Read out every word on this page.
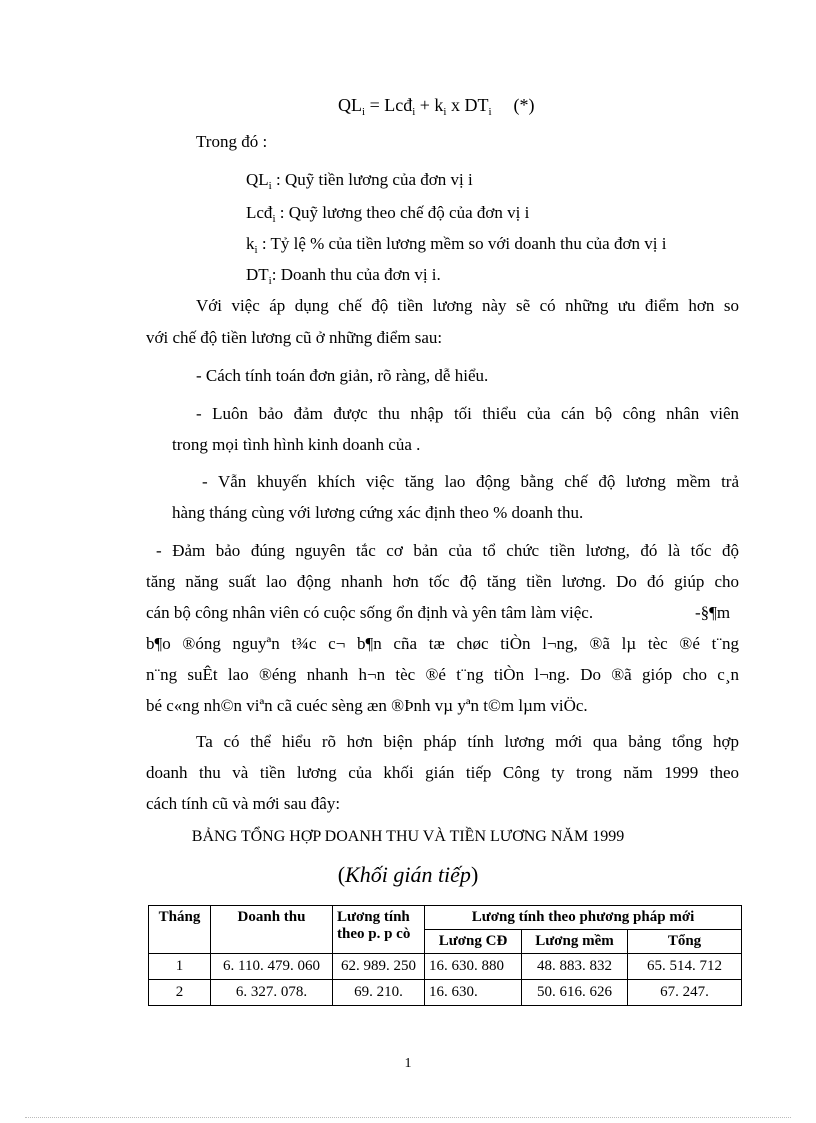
$QL_i$ = Lcđ$_i$ + $k_i$ x $DT_i$ (*)
Trong đó :
$QL_i$ : Quỹ tiền lương của đơn vị i
Lcđ$_i$ : Quỹ lương theo chế độ của đơn vị i
$k_i$ : Tỷ lệ % của tiền lương mềm so với doanh thu của đơn vị i
$DT_i$: Doanh thu của đơn vị i.
Với việc áp dụng chế độ tiền lương này sẽ có những ưu điểm hơn so
với chế độ tiền lương cũ ở những điểm sau:
- Cách tính toán đơn giản, rõ ràng, dễ hiểu.
- Luôn bảo đảm được thu nhập tối thiểu của cán bộ công nhân viên
trong mọi tình hình kinh doanh của .
- Vẫn khuyến khích việc tăng lao động bằng chế độ lương mềm trả
hàng tháng cùng với lương cứng xác định theo % doanh thu.
- Đảm bảo đúng nguyên tắc cơ bản của tổ chức tiền lương, đó là tốc độ
tăng năng suất lao động nhanh hơn tốc độ tăng tiền lương. Do đó giúp cho
cán bộ công nhân viên có cuộc sống ổn định và yên tâm làm việc.	-§¶m
b¶o ®óng nguyªn t¾c c¬ b¶n cña tæ chøc tiÒn l¬ng, ®ã lµ tèc ®é t¨ng
n¨ng suÊt lao ®éng nhanh h¬n tèc ®é t¨ng tiÒn l¬ng. Do ®ã gióp cho c¸n
bé c«ng nh©n viªn cã cuéc sèng æn ®Þnh vµ yªn t©m lµm viÖc.
Ta có thể hiểu rõ hơn biện pháp tính lương mới qua bảng tổng hợp
doanh thu và tiền lương của khối gián tiếp Công ty trong năm 1999 theo
cách tính cũ và mới sau đây:
BẢNG TỔNG HỢP DOANH THU VÀ TIỀN LƯƠNG NĂM 1999
(Khối gián tiếp)
Tháng	Doanh thu	Lương tính theo p. p cò	Lương tính theo phương pháp mới		
			Lương CĐ	Lương mềm	Tổng
1	6. 110. 479. 060	62. 989. 250	16. 630. 880	48. 883. 832	65. 514. 712
2	6. 327. 078.	69. 210.	16. 630.	50. 616. 626	67. 247.
1
